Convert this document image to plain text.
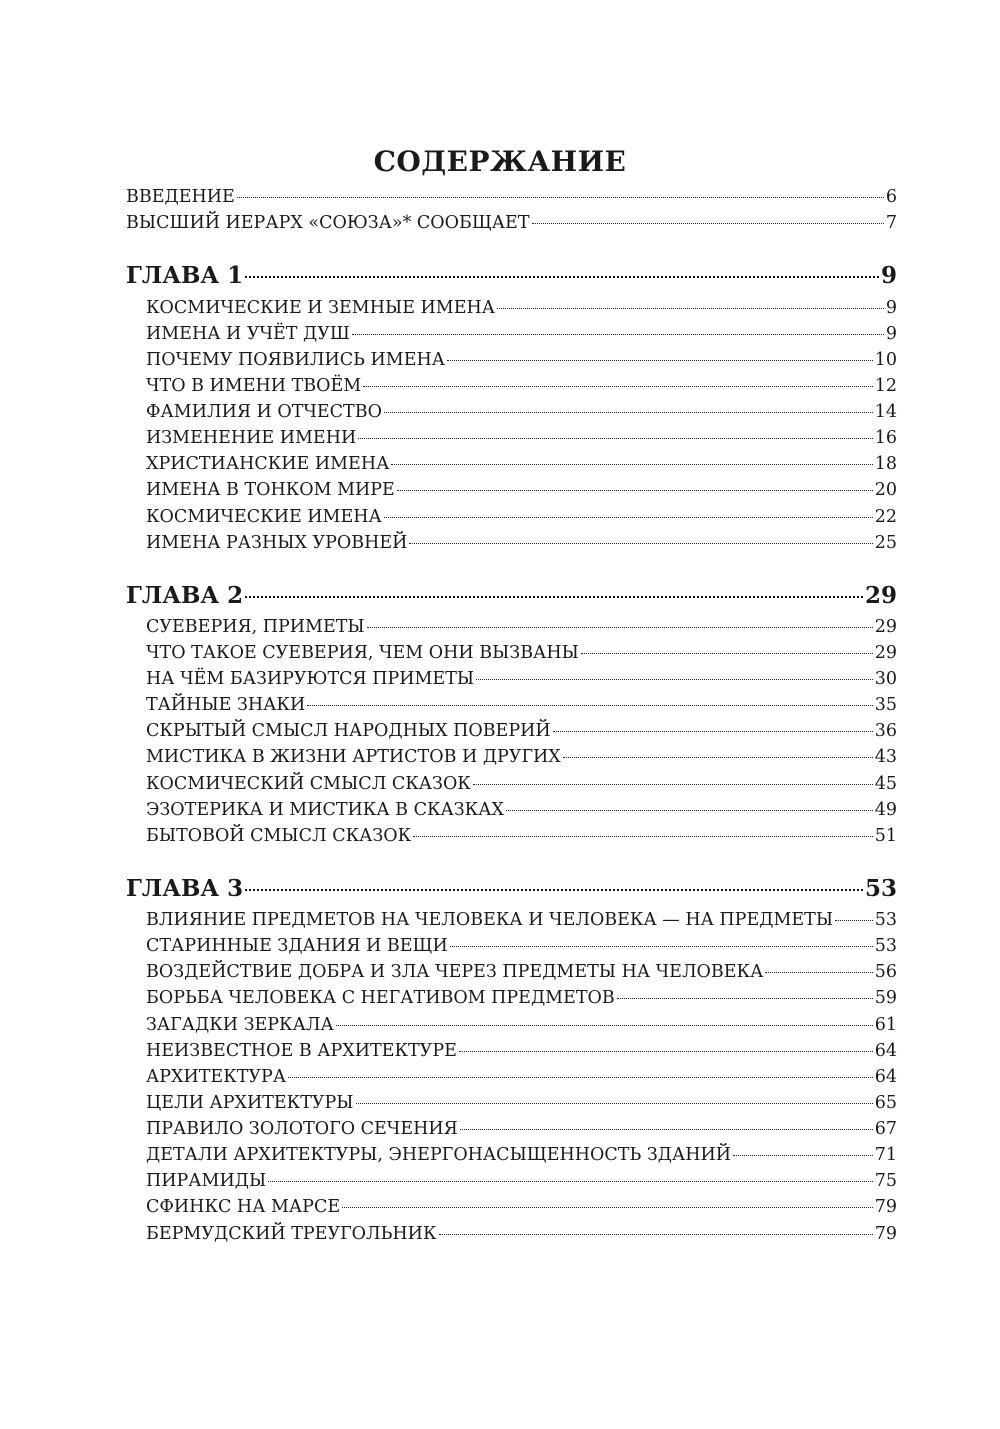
СОДЕРЖАНИЕ
ВВЕДЕНИЕ	6
ВЫСШИЙ ИЕРАРХ «СОЮЗА»* СООБЩАЕТ	7
ГЛАВА 1	9
КОСМИЧЕСКИЕ И ЗЕМНЫЕ ИМЕНА	9
ИМЕНА И УЧЁТ ДУШ	9
ПОЧЕМУ ПОЯВИЛИСЬ ИМЕНА	10
ЧТО В ИМЕНИ ТВОЁМ	12
ФАМИЛИЯ И ОТЧЕСТВО	14
ИЗМЕНЕНИЕ ИМЕНИ	16
ХРИСТИАНСКИЕ ИМЕНА	18
ИМЕНА В ТОНКОМ МИРЕ	20
КОСМИЧЕСКИЕ ИМЕНА	22
ИМЕНА РАЗНЫХ УРОВНЕЙ	25
ГЛАВА 2	29
СУЕВЕРИЯ, ПРИМЕТЫ	29
ЧТО ТАКОЕ СУЕВЕРИЯ, ЧЕМ ОНИ ВЫЗВАНЫ	29
НА ЧЁМ БАЗИРУЮТСЯ ПРИМЕТЫ	30
ТАЙНЫЕ ЗНАКИ	35
СКРЫТЫЙ СМЫСЛ НАРОДНЫХ ПОВЕРИЙ	36
МИСТИКА В ЖИЗНИ АРТИСТОВ И ДРУГИХ	43
КОСМИЧЕСКИЙ СМЫСЛ СКАЗОК	45
ЭЗОТЕРИКА И МИСТИКА В СКАЗКАХ	49
БЫТОВОЙ СМЫСЛ СКАЗОК	51
ГЛАВА 3	53
ВЛИЯНИЕ ПРЕДМЕТОВ НА ЧЕЛОВЕКА И ЧЕЛОВЕКА — НА ПРЕДМЕТЫ 53
СТАРИННЫЕ ЗДАНИЯ И ВЕЩИ	53
ВОЗДЕЙСТВИЕ ДОБРА И ЗЛА ЧЕРЕЗ ПРЕДМЕТЫ НА ЧЕЛОВЕКА	56
БОРЬБА ЧЕЛОВЕКА С НЕГАТИВОМ ПРЕДМЕТОВ	59
ЗАГАДКИ ЗЕРКАЛА	61
НЕИЗВЕСТНОЕ В АРХИТЕКТУРЕ	64
АРХИТЕКТУРА	64
ЦЕЛИ АРХИТЕКТУРЫ	65
ПРАВИЛО ЗОЛОТОГО СЕЧЕНИЯ	67
ДЕТАЛИ АРХИТЕКТУРЫ, ЭНЕРГОНАСЫЩЕННОСТЬ ЗДАНИЙ	71
ПИРАМИДЫ	75
СФИНКС НА МАРСЕ	79
БЕРМУДСКИЙ ТРЕУГОЛЬНИК	79
